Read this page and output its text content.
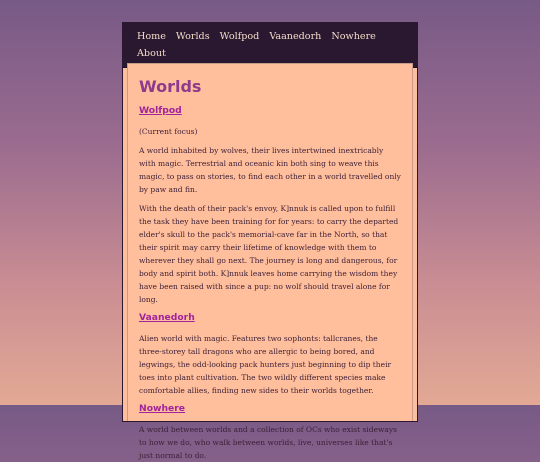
Home Worlds Wolfpod Vaanedorh Nowhere
About
Worlds
Wolfpod

(Current focus)

A world inhabited by wolves, their lives intertwined inextricably with magic. Terrestrial and oceanic kin both sing to weave this magic, to pass on stories, to find each other in a world travelled only by paw and fin.

With the death of their pack's envoy, K]nnuk is called upon to fulfill the task they have been training for for years: to carry the departed elder's skull to the pack's memorial-cave far in the North, so that their spirit may carry their lifetime of knowledge with them to wherever they shall go next. The journey is long and dangerous, for body and spirit both. K]nnuk leaves home carrying the wisdom they have been raised with since a pup: no wolf should travel alone for long.

Vaanedorh

Alien world with magic. Features two sophonts: tallcranes, the three-storey tall dragons who are allergic to being bored, and legwings, the odd-looking pack hunters just beginning to dip their toes into plant cultivation. The two wildly different species make comfortable allies, finding new sides to their worlds together.

Nowhere

A world between worlds and a collection of OCs who exist sideways to how we do, who walk between worlds, live, universes like that's just normal to do.
